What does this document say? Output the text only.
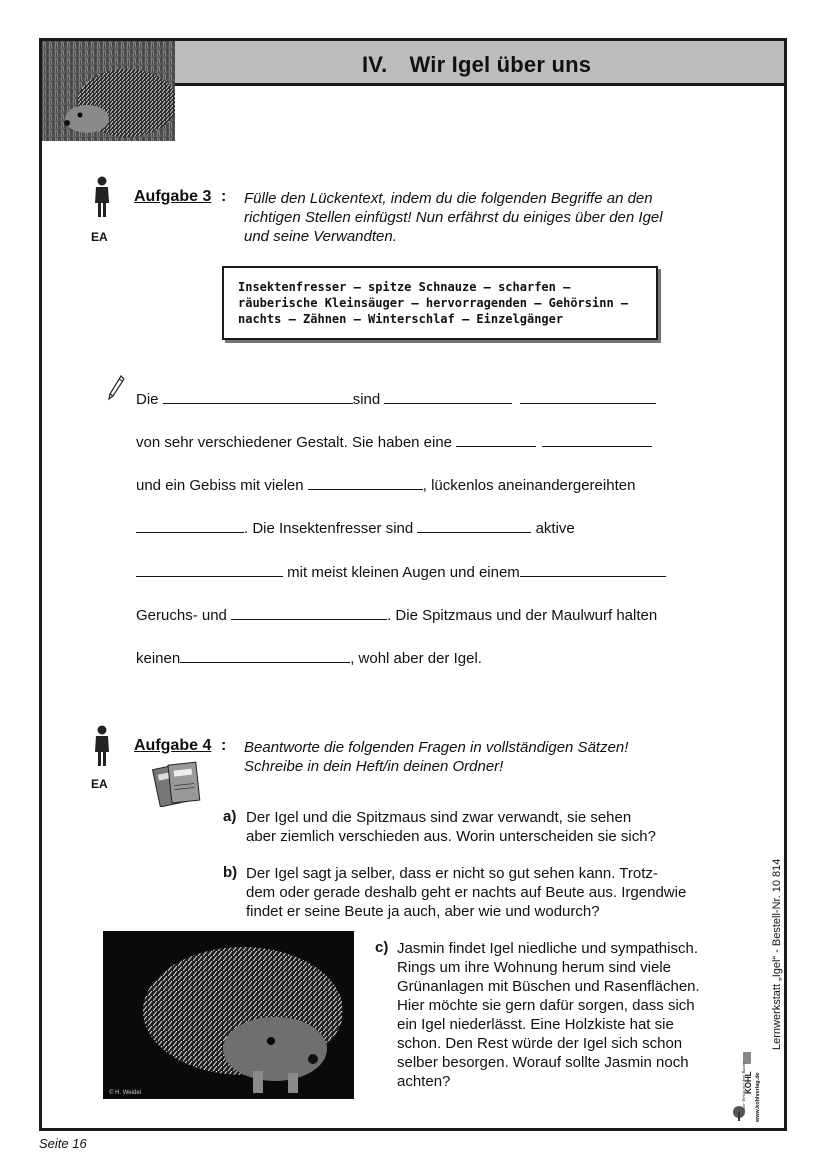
IV. Wir Igel über uns
EA
Aufgabe 3 : Fülle den Lückentext, indem du die folgenden Begriffe an den
richtigen Stellen einfügst! Nun erfährst du einiges über den Igel
und seine Verwandten.
Insektenfresser – spitze Schnauze – scharfen –
räuberische Kleinsäuger – hervorragenden – Gehörsinn –
nachts – Zähnen – Winterschlaf – Einzelgänger
Die	sind
von sehr verschiedener Gestalt. Sie haben eine
und ein Gebiss mit vielen	, lückenlos aneinandergereihten
. Die Insektenfresser sind	aktive
mit meist kleinen Augen und einem
Geruchs- und	. Die Spitzmaus und der Maulwurf halten
keinen	, wohl aber der Igel.
EA
Aufgabe 4 : Beantworte die folgenden Fragen in vollständigen Sätzen!
Schreibe in dein Heft/in deinen Ordner!
a) Der Igel und die Spitzmaus sind zwar verwandt, sie sehen
aber ziemlich verschieden aus. Worin unterscheiden sie sich?
b) Der Igel sagt ja selber, dass er nicht so gut sehen kann. Trotz-
dem oder gerade deshalb geht er nachts auf Beute aus. Irgendwie
findet er seine Beute ja auch, aber wie und wodurch?
© H. Weidel
c) Jasmin findet Igel niedliche und sympathisch.
Rings um ihre Wohnung herum sind viele
Grünanlagen mit Büschen und Rasenflächen.
Hier möchte sie gern dafür sorgen, dass sich
ein Igel niederlässt. Eine Holzkiste hat sie
schon. Den Rest würde der Igel sich schon
selber besorgen. Worauf sollte Jasmin noch
achten?
Lernwerkstatt „Igel“ - Bestell-Nr. 10 814
KOHL
Der Verlag mit dem Baum www.kohlverlag.de
Seite 16
